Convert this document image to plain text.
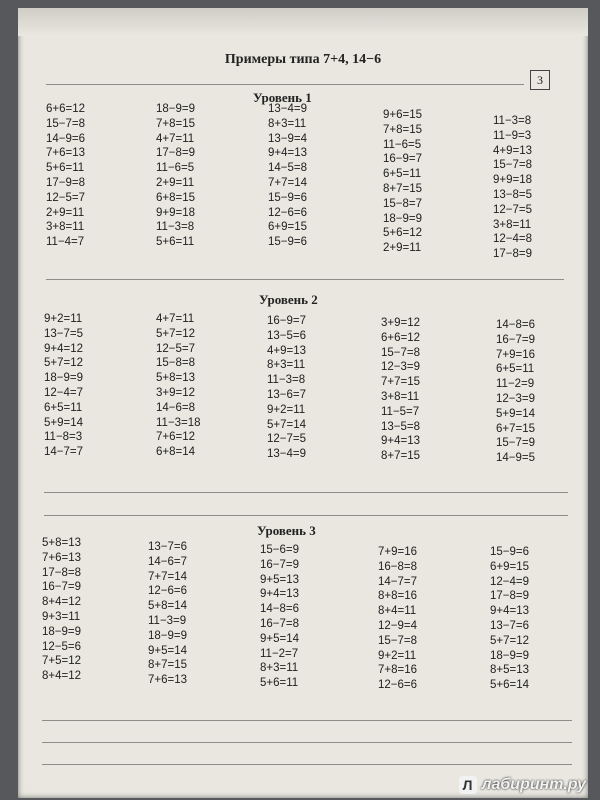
Примеры типа 7+4, 14−6
3
Уровень 1
6+6=12
15−7=8
14−9=6
7+6=13
5+6=11
17−9=8
12−5=7
2+9=11
3+8=11
11−4=7
18−9=9
7+8=15
4+7=11
17−8=9
11−6=5
2+9=11
6+8=15
9+9=18
11−3=8
5+6=11
13−4=9
8+3=11
13−9=4
9+4=13
14−5=8
7+7=14
15−9=6
12−6=6
6+9=15
15−9=6
9+6=15
7+8=15
11−6=5
16−9=7
6+5=11
8+7=15
15−8=7
18−9=9
5+6=12
2+9=11
11−3=8
11−9=3
4+9=13
15−7=8
9+9=18
13−8=5
12−7=5
3+8=11
12−4=8
17−8=9
Уровень 2
9+2=11
13−7=5
9+4=12
5+7=12
18−9=9
12−4=7
6+5=11
5+9=14
11−8=3
14−7=7
4+7=11
5+7=12
12−5=7
15−8=8
5+8=13
3+9=12
14−6=8
11−3=18
7+6=12
6+8=14
16−9=7
13−5=6
4+9=13
8+3=11
11−3=8
13−6=7
9+2=11
5+7=14
12−7=5
13−4=9
3+9=12
6+6=12
15−7=8
12−3=9
7+7=15
3+8=11
11−5=7
13−5=8
9+4=13
8+7=15
14−8=6
16−7=9
7+9=16
6+5=11
11−2=9
12−3=9
5+9=14
6+7=15
15−7=9
14−9=5
Уровень 3
5+8=13
7+6=13
17−8=8
16−7=9
8+4=12
9+3=11
18−9=9
12−5=6
7+5=12
8+4=12
13−7=6
14−6=7
7+7=14
12−6=6
5+8=14
11−3=9
18−9=9
9+5=14
8+7=15
7+6=13
15−6=9
16−7=9
9+5=13
9+4=13
14−8=6
16−7=8
9+5=14
11−2=7
8+3=11
5+6=11
7+9=16
16−8=8
14−7=7
8+8=16
8+4=11
12−9=4
15−7=8
9+2=11
7+8=16
12−6=6
15−9=6
6+9=15
12−4=9
17−8=9
9+4=13
13−7=6
5+7=12
18−9=9
8+5=13
5+6=14
Л лабиринт.ру
